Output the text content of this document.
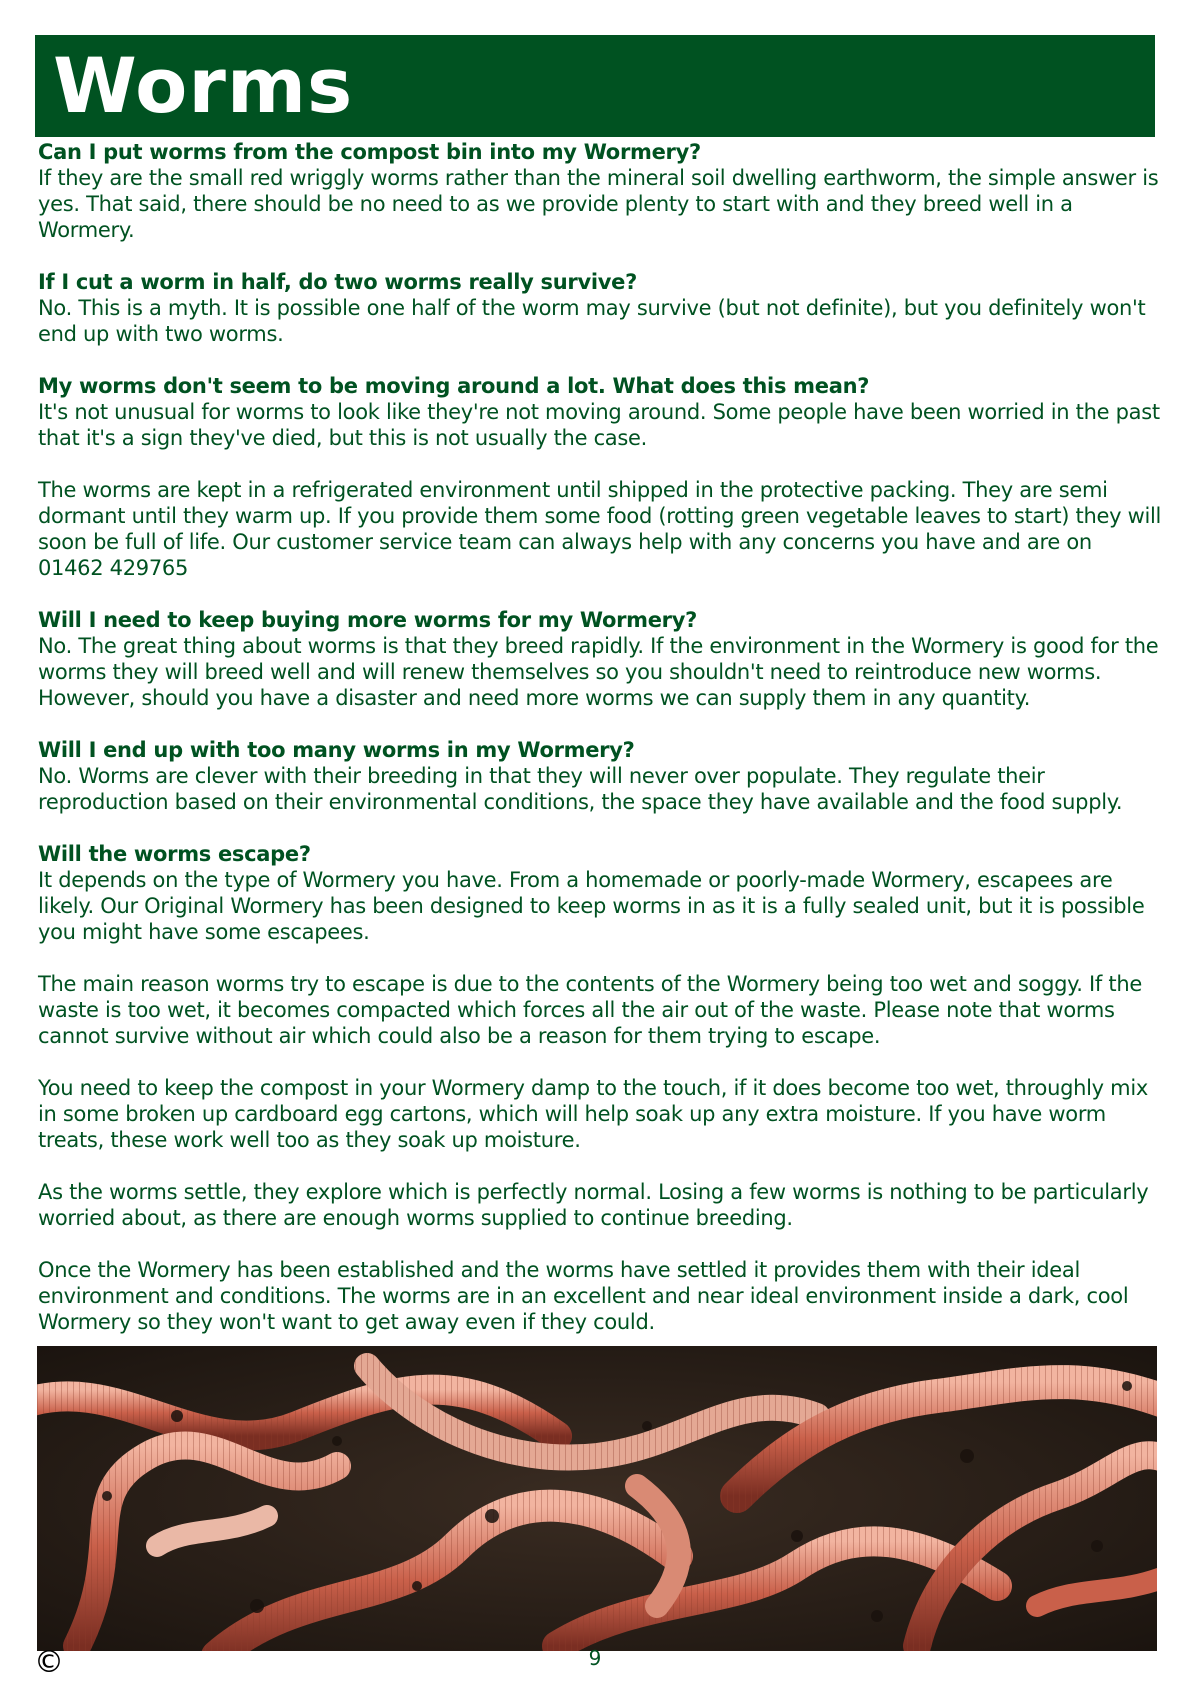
Worms

Can I put worms from the compost bin into my Wormery?

If they are the small red wriggly worms rather than the mineral soil dwelling earthworm, the simple answer is yes. That said, there should be no need to as we provide plenty to start with and they breed well in a Wormery.

If I cut a worm in half, do two worms really survive?

No. This is a myth. It is possible one half of the worm may survive (but not definite), but you definitely won't end up with two worms.

My worms don't seem to be moving around a lot. What does this mean?

It's not unusual for worms to look like they're not moving around. Some people have been worried in the past that it's a sign they've died, but this is not usually the case.

The worms are kept in a refrigerated environment until shipped in the protective packing. They are semi dormant until they warm up. If you provide them some food (rotting green vegetable leaves to start) they will soon be full of life. Our customer service team can always help with any concerns you have and are on 01462 429765

Will I need to keep buying more worms for my Wormery?

No. The great thing about worms is that they breed rapidly. If the environment in the Wormery is good for the worms they will breed well and will renew themselves so you shouldn't need to reintroduce new worms. However, should you have a disaster and need more worms we can supply them in any quantity.

Will I end up with too many worms in my Wormery?

No. Worms are clever with their breeding in that they will never over populate. They regulate their reproduction based on their environmental conditions, the space they have available and the food supply.

Will the worms escape?

It depends on the type of Wormery you have. From a homemade or poorly-made Wormery, escapees are likely. Our Original Wormery has been designed to keep worms in as it is a fully sealed unit, but it is possible you might have some escapees.

The main reason worms try to escape is due to the contents of the Wormery being too wet and soggy. If the waste is too wet, it becomes compacted which forces all the air out of the waste. Please note that worms cannot survive without air which could also be a reason for them trying to escape.

You need to keep the compost in your Wormery damp to the touch, if it does become too wet, throughly mix in some broken up cardboard egg cartons, which will help soak up any extra moisture. If you have worm treats, these work well too as they soak up moisture.

As the worms settle, they explore which is perfectly normal. Losing a few worms is nothing to be particularly worried about, as there are enough worms supplied to continue breeding.

Once the Wormery has been established and the worms have settled it provides them with their ideal environment and conditions. The worms are in an excellent and near ideal environment inside a dark, cool Wormery so they won't want to get away even if they could.

©	9
